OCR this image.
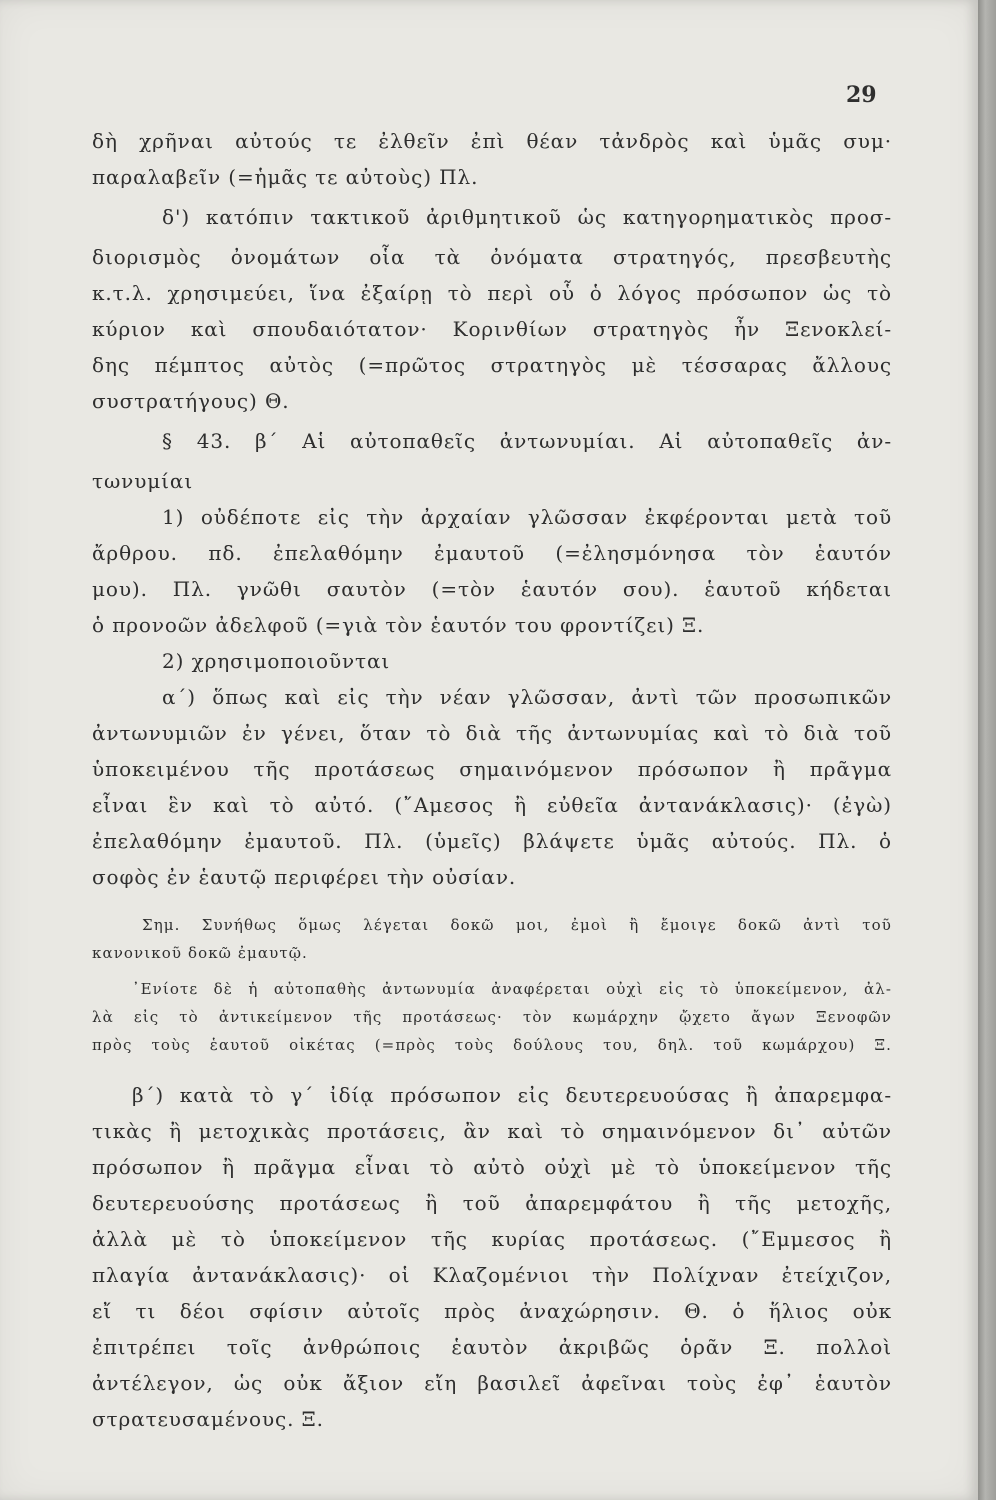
29
δὴ χρῆναι αὐτούς τε ἐλθεῖν ἐπὶ θέαν τἀνδρὸς καὶ ὑμᾶς συμ·
παραλαβεῖν (=ἡμᾶς τε αὐτοὺς) Πλ.
δ') κατόπιν τακτικοῦ ἀριθμητικοῦ ὡς κατηγορηματικὸς προσ-
διορισμὸς ὀνομάτων οἷα τὰ ὀνόματα στρατηγός, πρεσβευτὴς
κ.τ.λ. χρησιμεύει, ἵνα ἐξαίρῃ τὸ περὶ οὗ ὁ λόγος πρόσωπον ὡς τὸ
κύριον καὶ σπουδαιότατον· Κορινθίων στρατηγὸς ἦν Ξενοκλεί-
δης πέμπτος αὐτὸς (=πρῶτος στρατηγὸς μὲ τέσσαρας ἄλλους
συστρατήγους) Θ.
§ 43. β΄ Αἱ αὐτοπαθεῖς ἀντωνυμίαι. Αἱ αὐτοπαθεῖς ἀν-
τωνυμίαι
1) οὐδέποτε εἰς τὴν ἀρχαίαν γλῶσσαν ἐκφέρονται μετὰ τοῦ
ἄρθρου. πδ. ἐπελαθόμην ἐμαυτοῦ (=ἐλησμόνησα τὸν ἑαυτόν
μου). Πλ. γνῶθι σαυτὸν (=τὸν ἑαυτόν σου). ἑαυτοῦ κήδεται
ὁ προνοῶν ἀδελφοῦ (=γιὰ τὸν ἑαυτόν του φροντίζει) Ξ.
2) χρησιμοποιοῦνται
α΄) ὅπως καὶ εἰς τὴν νέαν γλῶσσαν, ἀντὶ τῶν προσωπικῶν
ἀντωνυμιῶν ἐν γένει, ὅταν τὸ διὰ τῆς ἀντωνυμίας καὶ τὸ διὰ τοῦ
ὑποκειμένου τῆς προτάσεως σημαινόμενον πρόσωπον ἢ πρᾶγμα
εἶναι ἓν καὶ τὸ αὐτό. (῎Αμεσος ἢ εὐθεῖα ἀντανάκλασις)· (ἐγὼ)
ἐπελαθόμην ἐμαυτοῦ. Πλ. (ὑμεῖς) βλάψετε ὑμᾶς αὐτούς. Πλ. ὁ
σοφὸς ἐν ἑαυτῷ περιφέρει τὴν οὐσίαν.
Σημ. Συνήθως ὅμως λέγεται δοκῶ μοι, ἐμοὶ ἢ ἔμοιγε δοκῶ ἀντὶ τοῦ
κανονικοῦ δοκῶ ἐμαυτῷ.
᾿Ενίοτε δὲ ἡ αὐτοπαθὴς ἀντωνυμία ἀναφέρεται οὐχὶ εἰς τὸ ὑποκείμενον, ἀλ-
λὰ εἰς τὸ ἀντικείμενον τῆς προτάσεως· τὸν κωμάρχην ᾤχετο ἄγων Ξενοφῶν
πρὸς τοὺς ἑαυτοῦ οἰκέτας (=πρὸς τοὺς δούλους του, δηλ. τοῦ κωμάρχου) Ξ.
β΄) κατὰ τὸ γ΄ ἰδίᾳ πρόσωπον εἰς δευτερευούσας ἢ ἀπαρεμφα-
τικὰς ἢ μετοχικὰς προτάσεις, ἂν καὶ τὸ σημαινόμενον δι᾽ αὐτῶν
πρόσωπον ἢ πρᾶγμα εἶναι τὸ αὐτὸ οὐχὶ μὲ τὸ ὑποκείμενον τῆς
δευτερευούσης προτάσεως ἢ τοῦ ἀπαρεμφάτου ἢ τῆς μετοχῆς,
ἀλλὰ μὲ τὸ ὑποκείμενον τῆς κυρίας προτάσεως. (῎Εμμεσος ἢ
πλαγία ἀντανάκλασις)· οἱ Κλαζομένιοι τὴν Πολίχναν ἐτείχιζον,
εἴ τι δέοι σφίσιν αὐτοῖς πρὸς ἀναχώρησιν. Θ. ὁ ἥλιος οὐκ
ἐπιτρέπει τοῖς ἀνθρώποις ἑαυτὸν ἀκριβῶς ὁρᾶν Ξ. πολλοὶ
ἀντέλεγον, ὡς οὐκ ἄξιον εἴη βασιλεῖ ἀφεῖναι τοὺς ἐφ᾽ ἑαυτὸν
στρατευσαμένους. Ξ.
